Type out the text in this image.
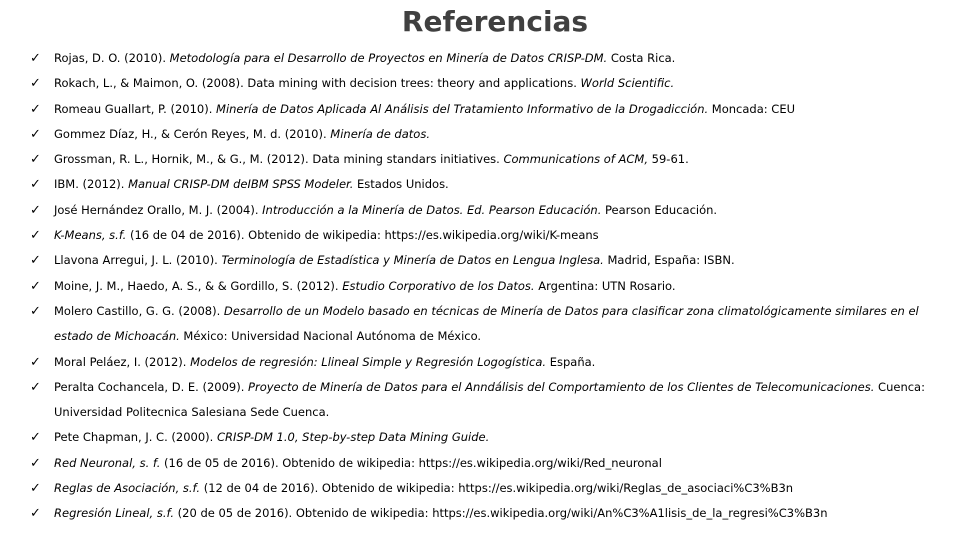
Referencias
✓ Rojas, D. O. (2010). Metodología para el Desarrollo de Proyectos en Minería de Datos CRISP-DM. Costa Rica.
✓ Rokach, L., & Maimon, O. (2008). Data mining with decision trees: theory and applications. World Scientific.
✓ Romeau Guallart, P. (2010). Minería de Datos Aplicada Al Análisis del Tratamiento Informativo de la Drogadicción. Moncada: CEU
✓ Gommez Díaz, H., & Cerón Reyes, M. d. (2010). Minería de datos.
✓ Grossman, R. L., Hornik, M., & G., M. (2012). Data mining standars initiatives. Communications of ACM, 59-61.
✓ IBM. (2012). Manual CRISP-DM deIBM SPSS Modeler. Estados Unidos.
✓ José Hernández Orallo, M. J. (2004). Introducción a la Minería de Datos. Ed. Pearson Educación. Pearson Educación.
✓ K-Means, s.f. (16 de 04 de 2016). Obtenido de wikipedia: https://es.wikipedia.org/wiki/K-means
✓ Llavona Arregui, J. L. (2010). Terminología de Estadística y Minería de Datos en Lengua Inglesa. Madrid, España: ISBN.
✓ Moine, J. M., Haedo, A. S., & & Gordillo, S. (2012). Estudio Corporativo de los Datos. Argentina: UTN Rosario.
✓ Molero Castillo, G. G. (2008). Desarrollo de un Modelo basado en técnicas de Minería de Datos para clasificar zona climatológicamente similares en el estado de Michoacán. México: Universidad Nacional Autónoma de México.
✓ Moral Peláez, I. (2012). Modelos de regresión: Llineal Simple y Regresión Logogística. España.
✓ Peralta Cochancela, D. E. (2009). Proyecto de Minería de Datos para el Anndálisis del Comportamiento de los Clientes de Telecomunicaciones. Cuenca: Universidad Politecnica Salesiana Sede Cuenca.
✓ Pete Chapman, J. C. (2000). CRISP-DM 1.0, Step-by-step Data Mining Guide.
✓ Red Neuronal, s. f. (16 de 05 de 2016). Obtenido de wikipedia: https://es.wikipedia.org/wiki/Red_neuronal
✓ Reglas de Asociación, s.f. (12 de 04 de 2016). Obtenido de wikipedia: https://es.wikipedia.org/wiki/Reglas_de_asociaci%C3%B3n
✓ Regresión Lineal, s.f. (20 de 05 de 2016). Obtenido de wikipedia: https://es.wikipedia.org/wiki/An%C3%A1lisis_de_la_regresi%C3%B3n
